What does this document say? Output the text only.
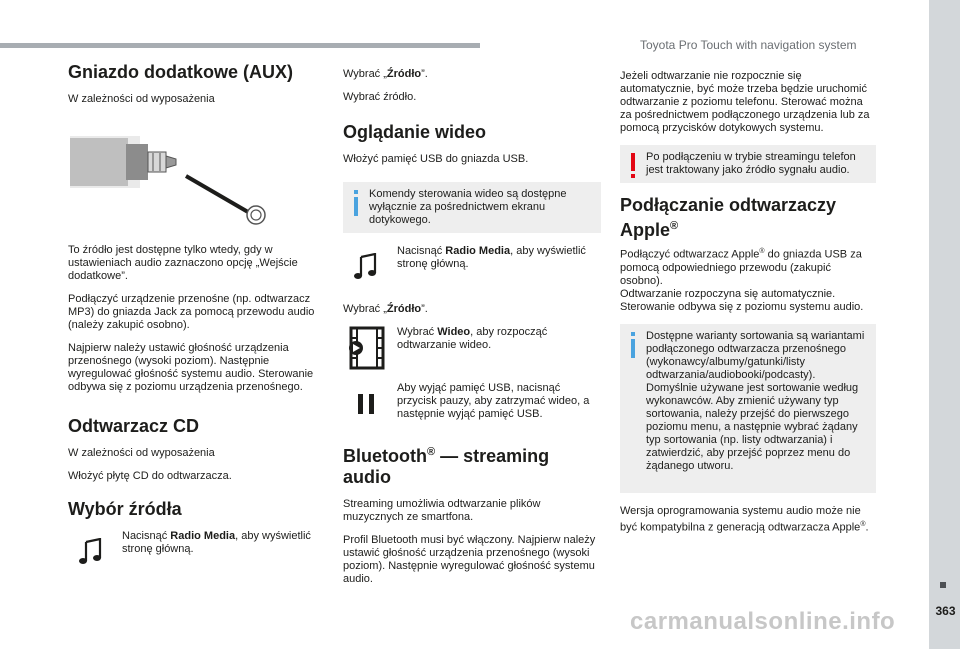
Toyota Pro Touch with navigation system
363
carmanualsonline.info
Gniazdo dodatkowe (AUX)

W zależności od wyposażenia

To źródło jest dostępne tylko wtedy, gdy w ustawieniach audio zaznaczono opcję „Wejście dodatkowe”.

Podłączyć urządzenie przenośne (np. odtwarzacz MP3) do gniazda Jack za pomocą przewodu audio (należy zakupić osobno).

Najpierw należy ustawić głośność urządzenia przenośnego (wysoki poziom). Następnie wyregulować głośność systemu audio. Sterowanie odbywa się z poziomu urządzenia przenośnego.

Odtwarzacz CD

W zależności od wyposażenia

Włożyć płytę CD do odtwarzacza.

Wybór źródła
Nacisnąć Radio Media, aby wyświetlić stronę główną.

Wybrać „Źródło”.

Wybrać źródło.

Oglądanie wideo

Włożyć pamięć USB do gniazda USB.

Komendy sterowania wideo są dostępne wyłącznie za pośrednictwem ekranu dotykowego.
Nacisnąć Radio Media, aby wyświetlić stronę główną.

Wybrać „Źródło”.

Wybrać Wideo, aby rozpocząć odtwarzanie wideo.
Aby wyjąć pamięć USB, nacisnąć przycisk pauzy, aby zatrzymać wideo, a następnie wyjąć pamięć USB.
Bluetooth® — streaming audio

Streaming umożliwia odtwarzanie plików muzycznych ze smartfona.

Profil Bluetooth musi być włączony. Najpierw należy ustawić głośność urządzenia przenośnego (wysoki poziom). Następnie wyregulować głośność systemu audio.

Jeżeli odtwarzanie nie rozpocznie się automatycznie, być może trzeba będzie uruchomić odtwarzanie z poziomu telefonu. Sterować można za pośrednictwem podłączonego urządzenia lub za pomocą przycisków dotykowych systemu.

Po podłączeniu w trybie streamingu telefon jest traktowany jako źródło sygnału audio.
Podłączanie odtwarzaczy Apple®

Podłączyć odtwarzacz Apple® do gniazda USB za pomocą odpowiedniego przewodu (zakupić osobno).

Odtwarzanie rozpoczyna się automatycznie. Sterowanie odbywa się z poziomu systemu audio.

Dostępne warianty sortowania są wariantami podłączonego odtwarzacza przenośnego (wykonawcy/albumy/gatunki/listy odtwarzania/audiobooki/podcasty). Domyślnie używane jest sortowanie według wykonawców. Aby zmienić używany typ sortowania, należy przejść do pierwszego poziomu menu, a następnie wybrać żądany typ sortowania (np. listy odtwarzania) i zatwierdzić, aby przejść poprzez menu do żądanego utworu.

Wersja oprogramowania systemu audio może nie być kompatybilna z generacją odtwarzacza Apple®.
